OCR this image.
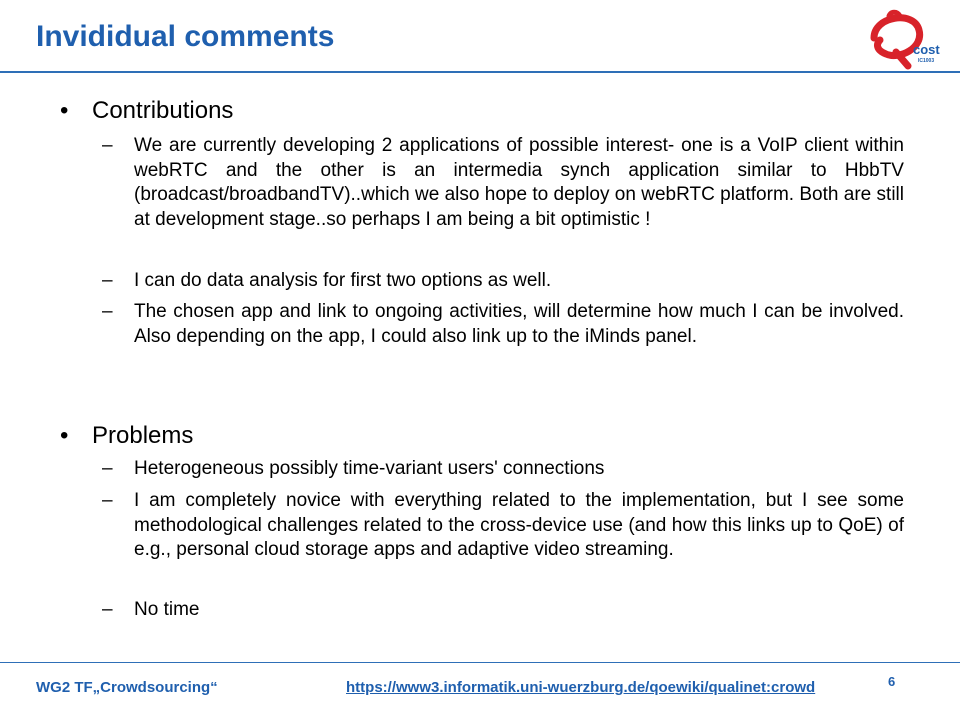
Invididual comments	cost
IC1003
• Contributions
– We are currently developing 2 applications of possible interest- one is a VoIP client within webRTC and the other is an intermedia synch application similar to HbbTV (broadcast/broadbandTV)..which we also hope to deploy on webRTC platform. Both are still at development stage..so perhaps I am being a bit optimistic !
– I can do data analysis for first two options as well.
– The chosen app and link to ongoing activities, will determine how much I can be involved. Also depending on the app, I could also link up to the iMinds panel.
• Problems
– Heterogeneous possibly time-variant users' connections
– I am completely novice with everything related to the implementation, but I see some methodological challenges related to the cross-device use (and how this links up to QoE) of e.g., personal cloud storage apps and adaptive video streaming.
– No time
WG2 TF„Crowdsourcing“	https://www3.informatik.uni-wuerzburg.de/qoewiki/qualinet:crowd	6
